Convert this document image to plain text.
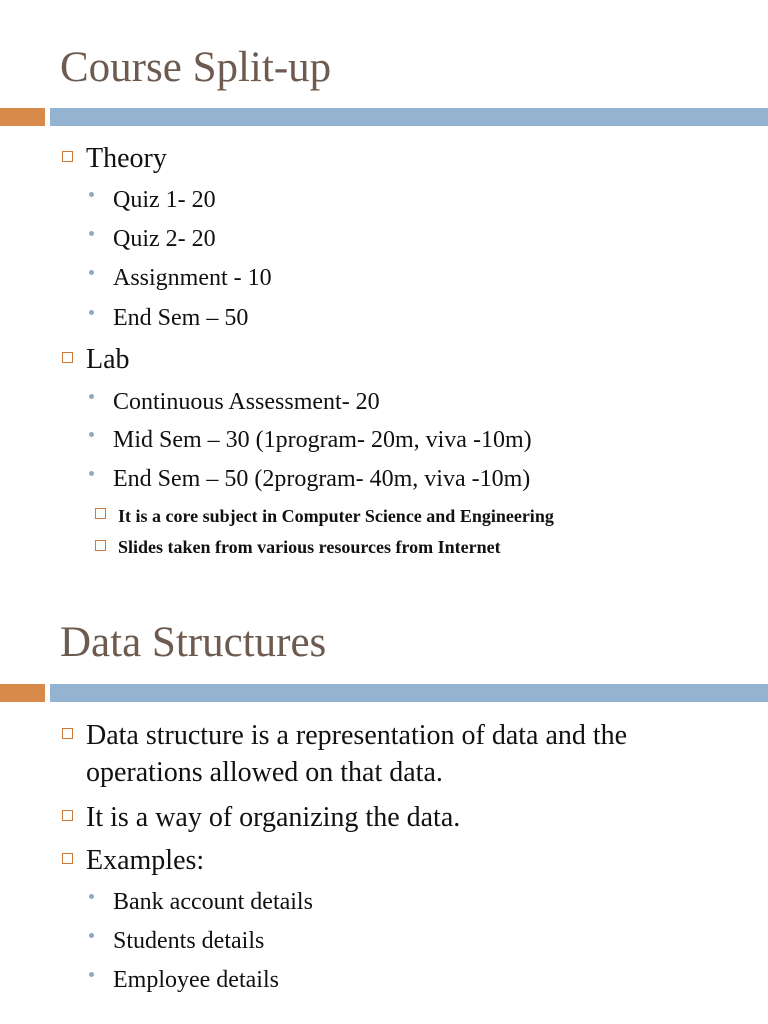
Course Split-up
Theory
Quiz 1- 20
Quiz 2- 20
Assignment - 10
End Sem – 50
Lab
Continuous Assessment- 20
Mid Sem – 30 (1program- 20m, viva -10m)
End Sem – 50 (2program- 40m, viva -10m)
It is a core subject in Computer Science and Engineering
Slides taken from various resources from Internet
Data Structures
Data structure is a representation of data and the
operations allowed on that data.
It is a way of organizing the data.
Examples:
Bank account details
Students details
Employee details
